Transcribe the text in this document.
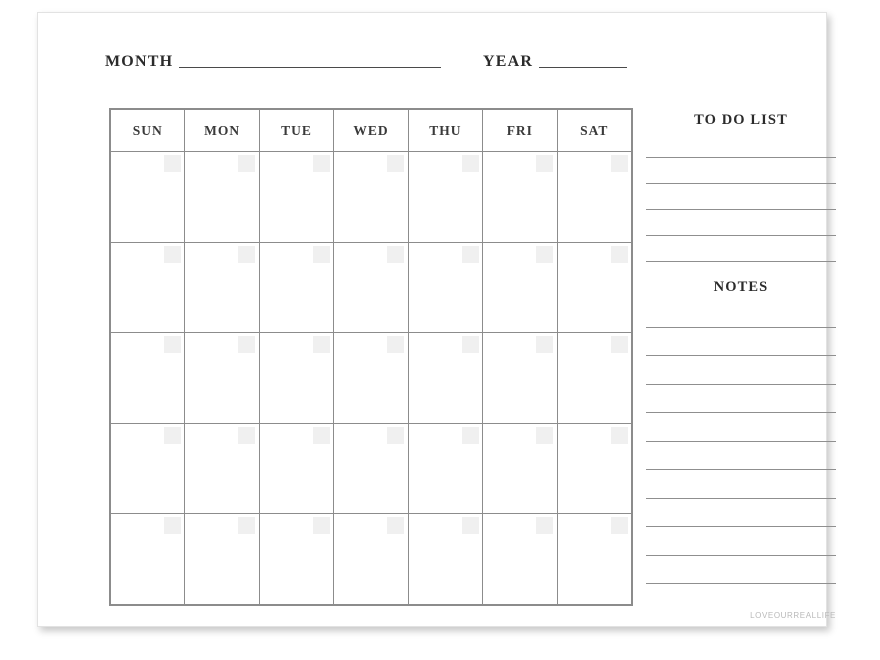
MONTH	YEAR
SUN	MON	TUE	WED	THU	FRI	SAT

TO DO LIST
NOTES
LOVEOURREALLIFE
